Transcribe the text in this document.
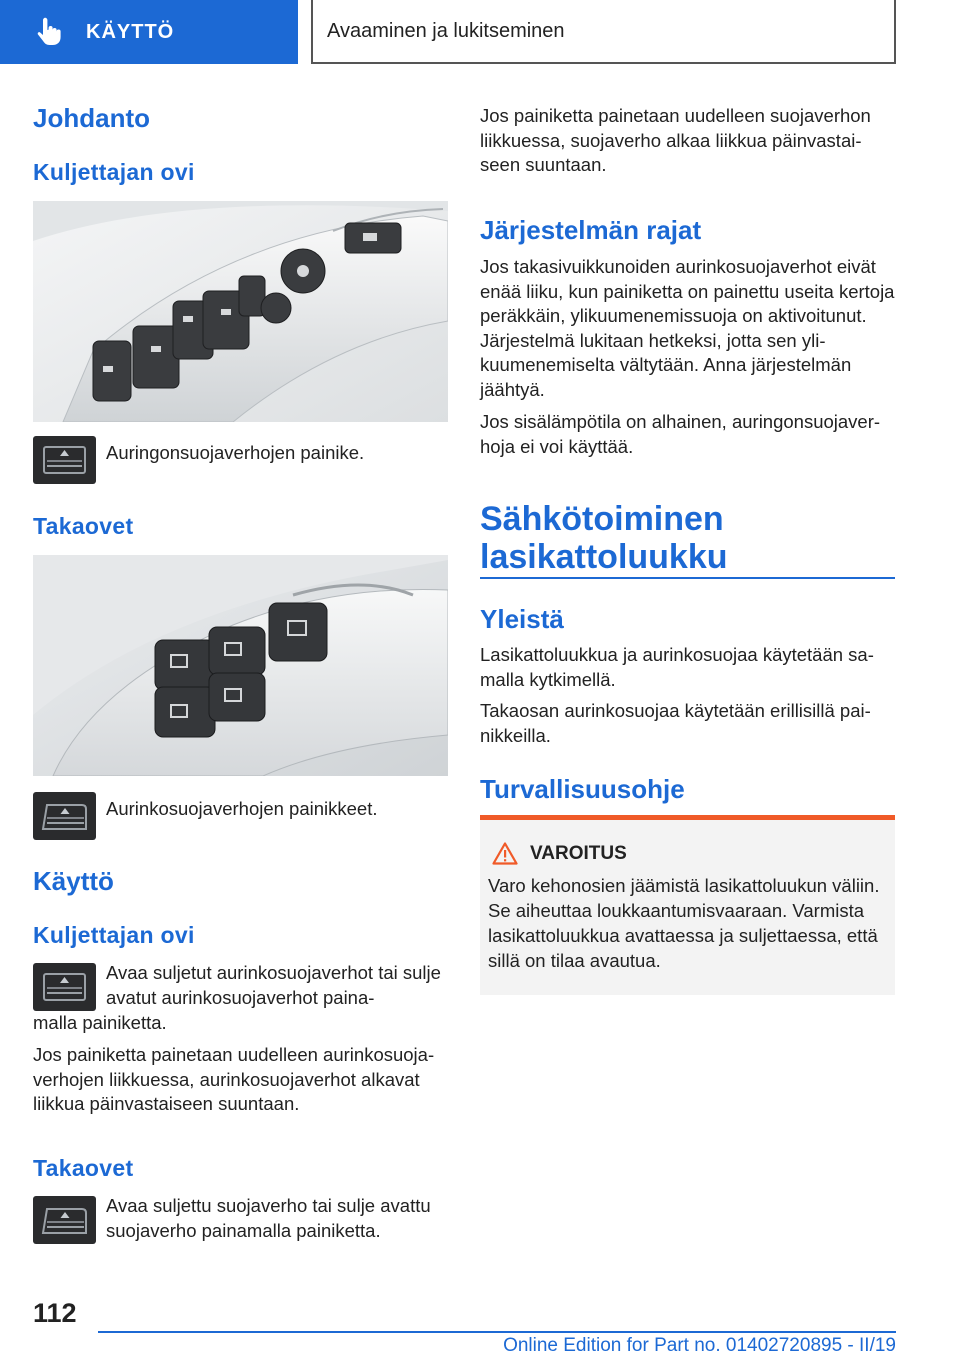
KÄYTTÖ	Avaaminen ja lukitseminen
Johdanto
Kuljettajan ovi
Auringonsuojaverhojen painike.
Takaovet
Aurinkosuojaverhojen painikkeet.
Käyttö
Kuljettajan ovi
Avaa suljetut aurinkosuojaverhot tai sulje avatut aurinkosuojaverhot paina-
malla painiketta.
Jos painiketta painetaan uudelleen aurinkosuojaverhojen liikkuessa, aurinkosuojaverhot alkavat liikkua päinvastaiseen suuntaan.
Takaovet
Avaa suljettu suojaverho tai sulje avattu suojaverho painamalla painiketta.
Jos painiketta painetaan uudelleen suojaverhon liikkuessa, suojaverho alkaa liikkua päinvastaiseen suuntaan.
Järjestelmän rajat
Jos takasivuikkunoiden aurinkosuojaverhot eivät enää liiku, kun painiketta on painettu useita kertoja peräkkäin, ylikuumenemissuoja on aktivoitunut. Järjestelmä lukitaan hetkeksi, jotta sen ylikuumenemiselta vältytään. Anna järjestelmän jäähtyä.
Jos sisälämpötila on alhainen, auringonsuojaverhoja ei voi käyttää.
Sähkötoiminen lasikattoluukku
Yleistä
Lasikattoluukkua ja aurinkosuojaa käytetään samalla kytkimellä.
Takaosan aurinkosuojaa käytetään erillisillä painikkeilla.
Turvallisuusohje
VAROITUS
Varo kehonosien jäämistä lasikattoluukun väliin. Se aiheuttaa loukkaantumisvaaraan. Varmista lasikattoluukkua avattaessa ja suljettaessa, että sillä on tilaa avautua.
112
Online Edition for Part no. 01402720895 - II/19
